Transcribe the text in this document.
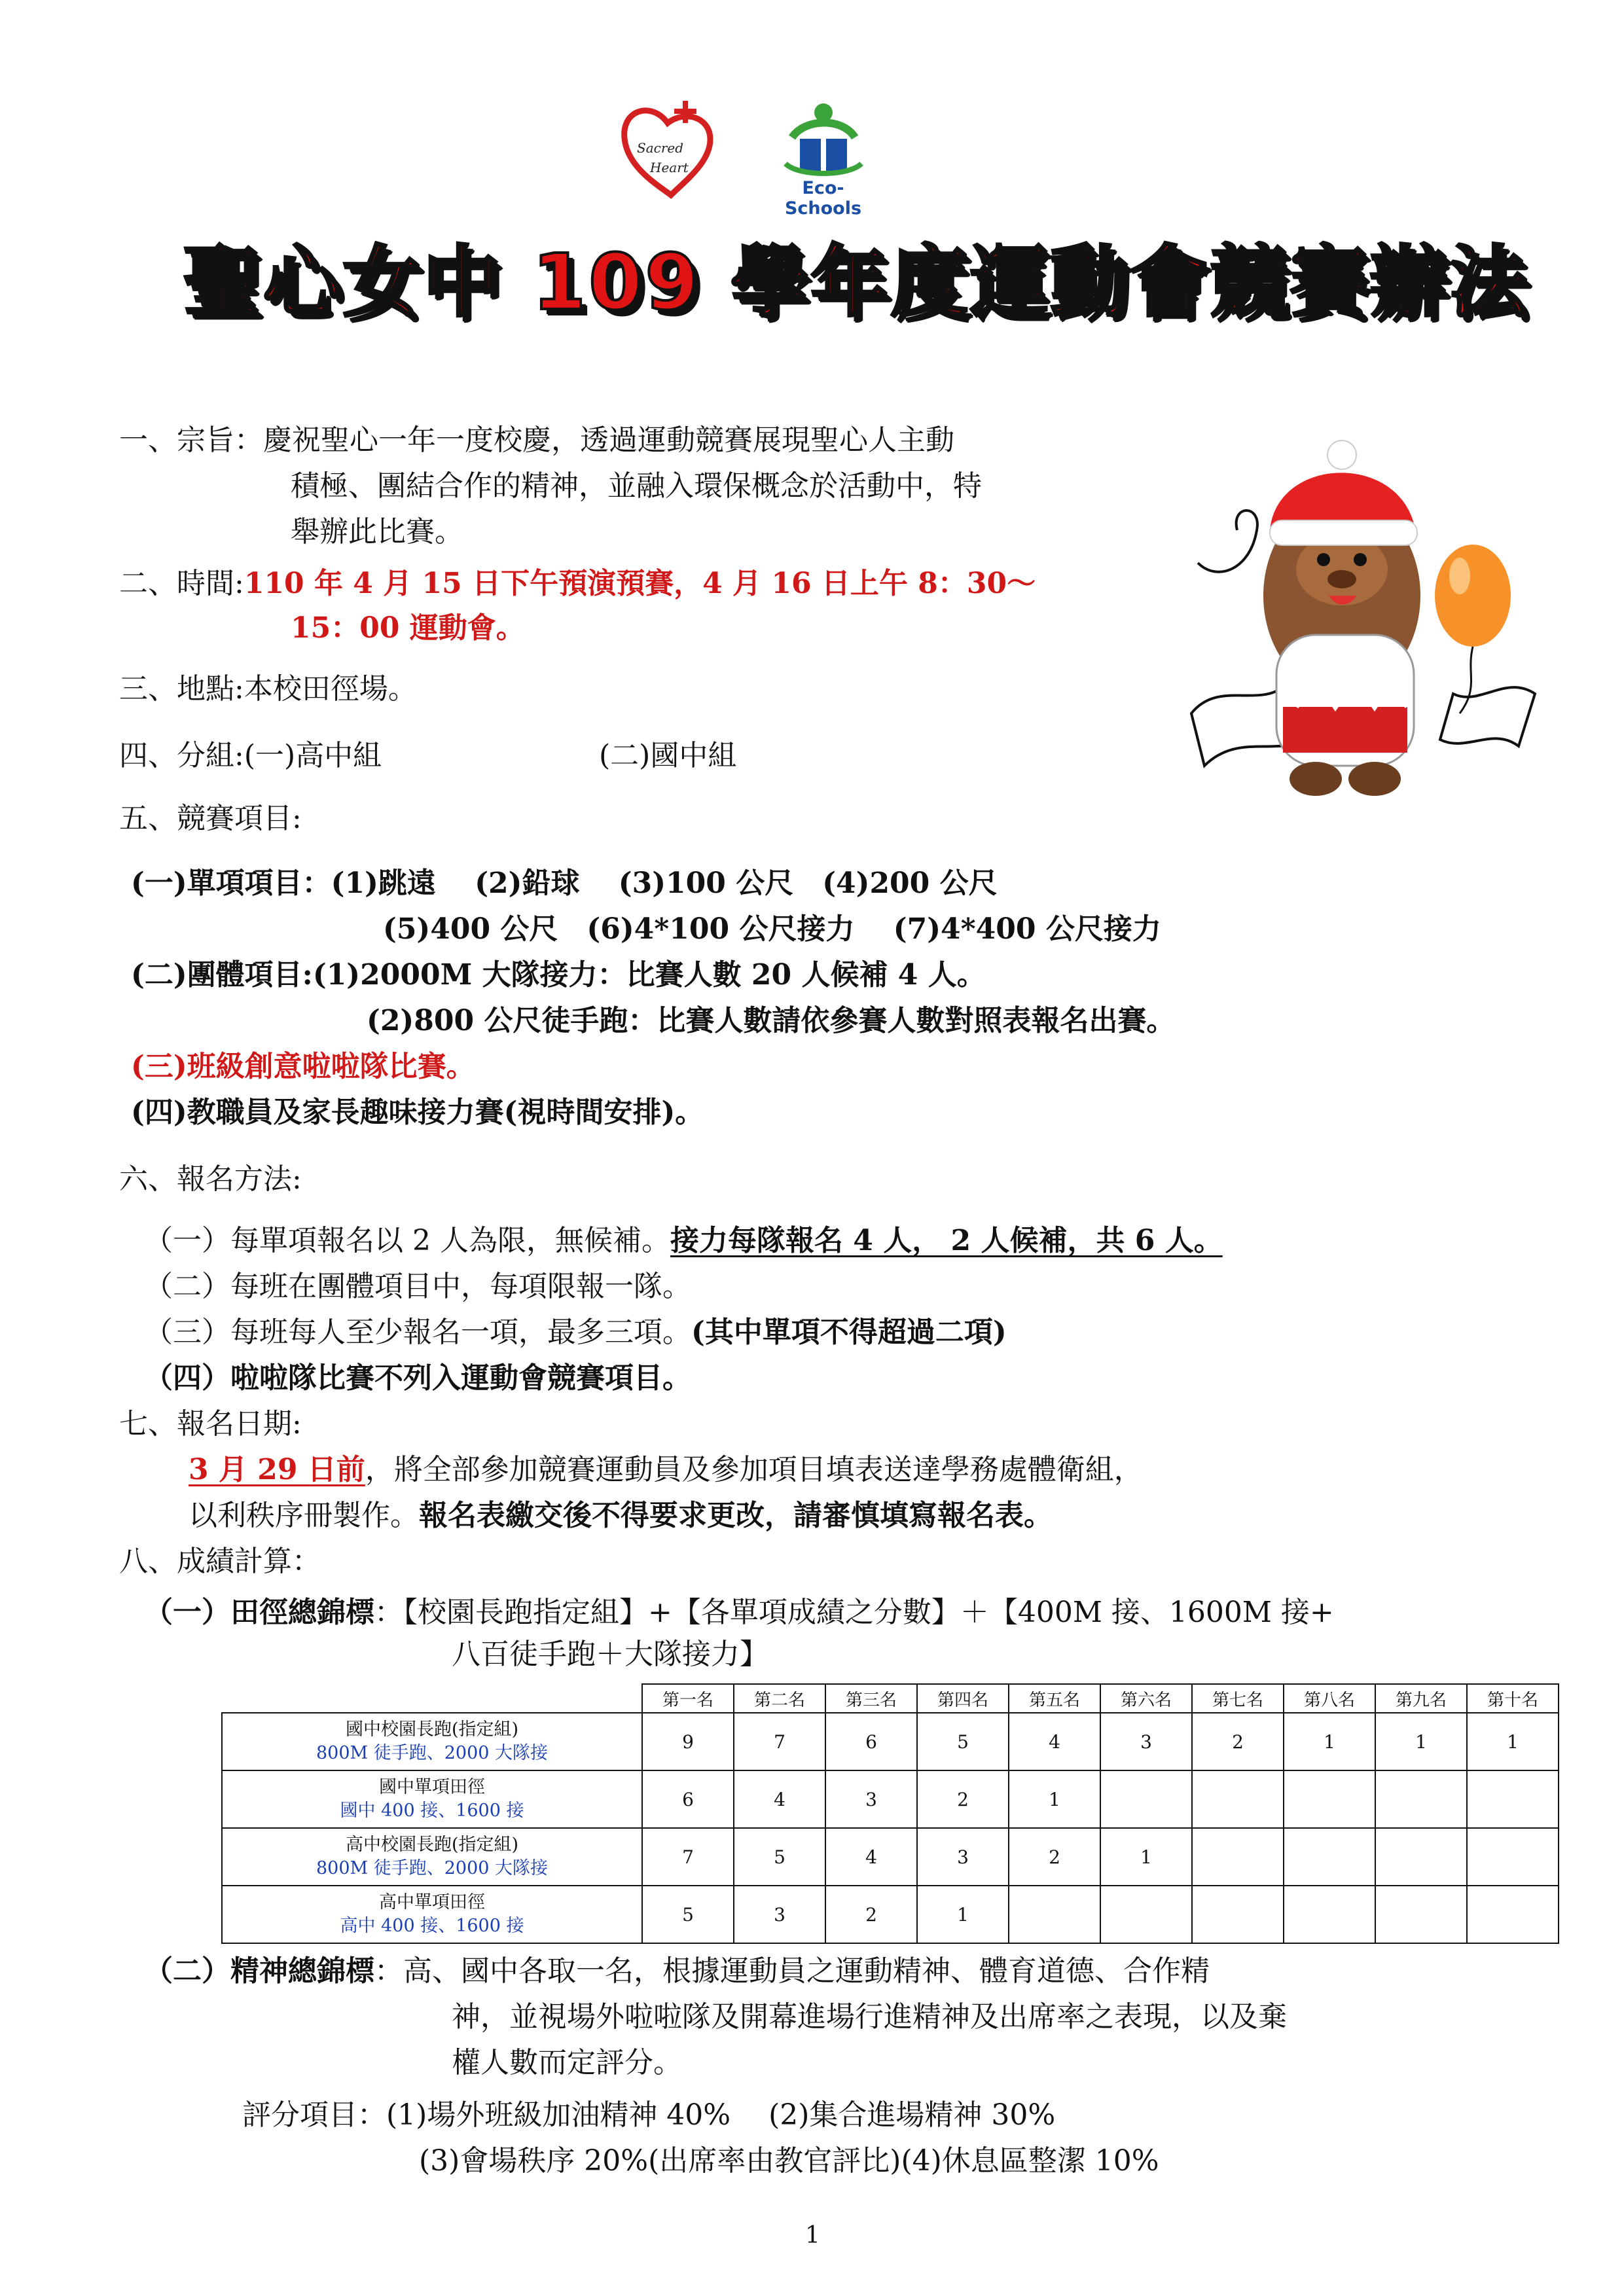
Sacred
Heart
Eco-Schools
聖心女中 109 學年度運動會競賽辦法
一、宗旨：慶祝聖心一年一度校慶，透過運動競賽展現聖心人主動
積極、團結合作的精神，並融入環保概念於活動中，特
舉辦此比賽。
二、時間:110 年 4 月 15 日下午預演預賽，4 月 16 日上午 8：30～
15：00 運動會。
三、地點:本校田徑場。
四、分組:(一)高中組	(二)國中組
五、競賽項目:
(一)單項項目：(1)跳遠　 (2)鉛球　 (3)100 公尺　(4)200 公尺
(5)400 公尺　(6)4*100 公尺接力　 (7)4*400 公尺接力
(二)團體項目:(1)2000M 大隊接力：比賽人數 20 人候補 4 人。
(2)800 公尺徒手跑：比賽人數請依參賽人數對照表報名出賽。
(三)班級創意啦啦隊比賽。
(四)教職員及家長趣味接力賽(視時間安排)。
六、報名方法:
（一）每單項報名以 2 人為限，無候補。接力每隊報名 4 人， 2 人候補，共 6 人。
（二）每班在團體項目中，每項限報一隊。
（三）每班每人至少報名一項，最多三項。(其中單項不得超過二項)
（四）啦啦隊比賽不列入運動會競賽項目。
七、報名日期:
3 月 29 日前，將全部參加競賽運動員及參加項目填表送達學務處體衛組，
以利秩序冊製作。報名表繳交後不得要求更改，請審慎填寫報名表。
八、成績計算：
（一）田徑總錦標：【校園長跑指定組】+【各單項成績之分數】＋【400M 接、1600M 接+
八百徒手跑＋大隊接力】
	第一名	第二名	第三名	第四名	第五名	第六名	第七名	第八名	第九名	第十名

國中校園長跑(指定組)
800M 徒手跑、2000 大隊接	9	7	6	5	4	3	2	1	1	1

國中單項田徑
國中 400 接、1600 接	6	4	3	2	1					

高中校園長跑(指定組)
800M 徒手跑、2000 大隊接	7	5	4	3	2	1				

高中單項田徑
高中 400 接、1600 接	5	3	2	1						
（二）精神總錦標：高、國中各取一名，根據運動員之運動精神、體育道德、合作精
神，並視場外啦啦隊及開幕進場行進精神及出席率之表現，以及棄
權人數而定評分。
評分項目：(1)場外班級加油精神 40%　 (2)集合進場精神 30%
(3)會場秩序 20%(出席率由教官評比)(4)休息區整潔 10%
1
